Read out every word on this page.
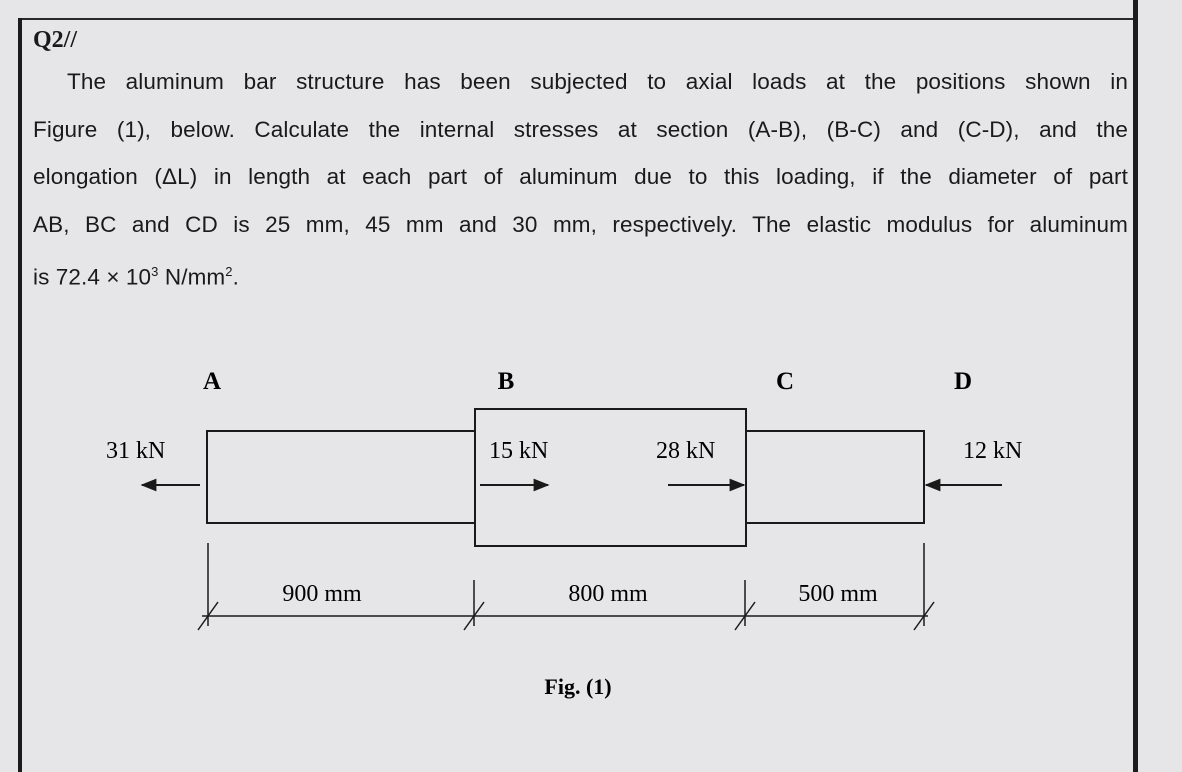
Q2//
The aluminum bar structure has been subjected to axial loads at the positions shown in
Figure (1), below. Calculate the internal stresses at section (A-B), (B-C) and (C-D), and the
elongation (ΔL) in length at each part of aluminum due to this loading, if the diameter of part
AB, BC and CD is 25 mm, 45 mm and 30 mm, respectively. The elastic modulus for aluminum
is $72.4 \times 10^3$ $N/mm^2$.
A	B	C	D
31 kN	15 kN	28 kN	12 kN
900 mm	800 mm	500 mm
Fig. (1)
